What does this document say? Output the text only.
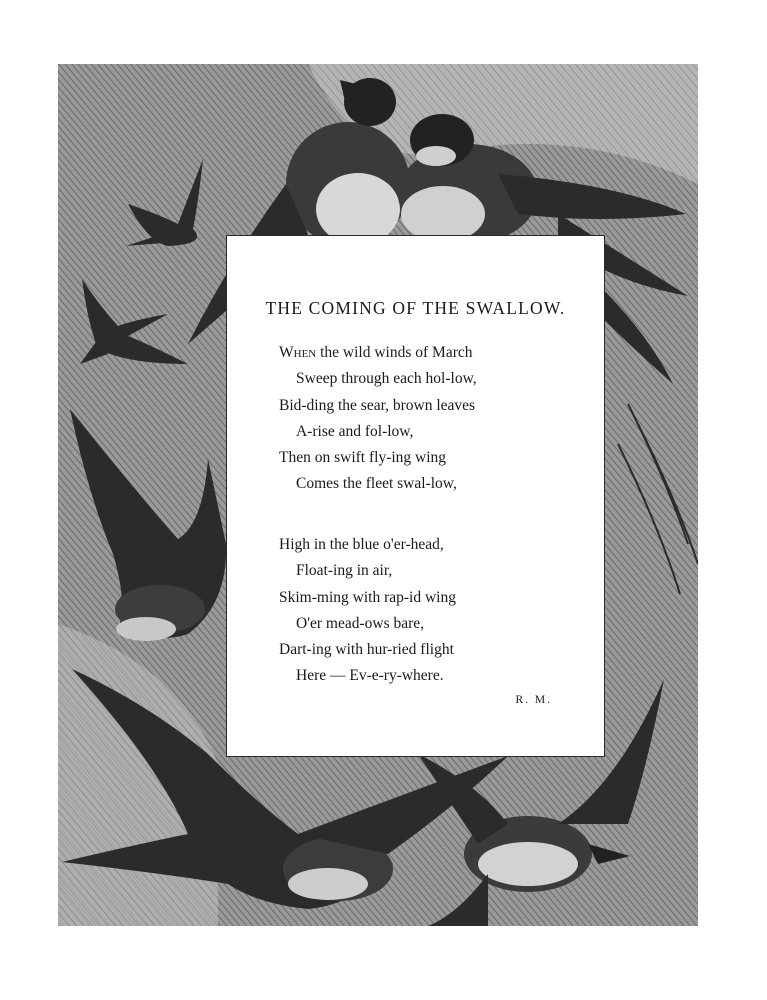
THE COMING OF THE SWALLOW.
When the wild winds of March
Sweep through each hol-low,
Bid-ding the sear, brown leaves
A-rise and fol-low,
Then on swift fly-ing wing
Comes the fleet swal-low,
High in the blue o'er-head,
Float-ing in air,
Skim-ming with rap-id wing
O'er mead-ows bare,
Dart-ing with hur-ried flight
Here — Ev-e-ry-where.
R. M.
